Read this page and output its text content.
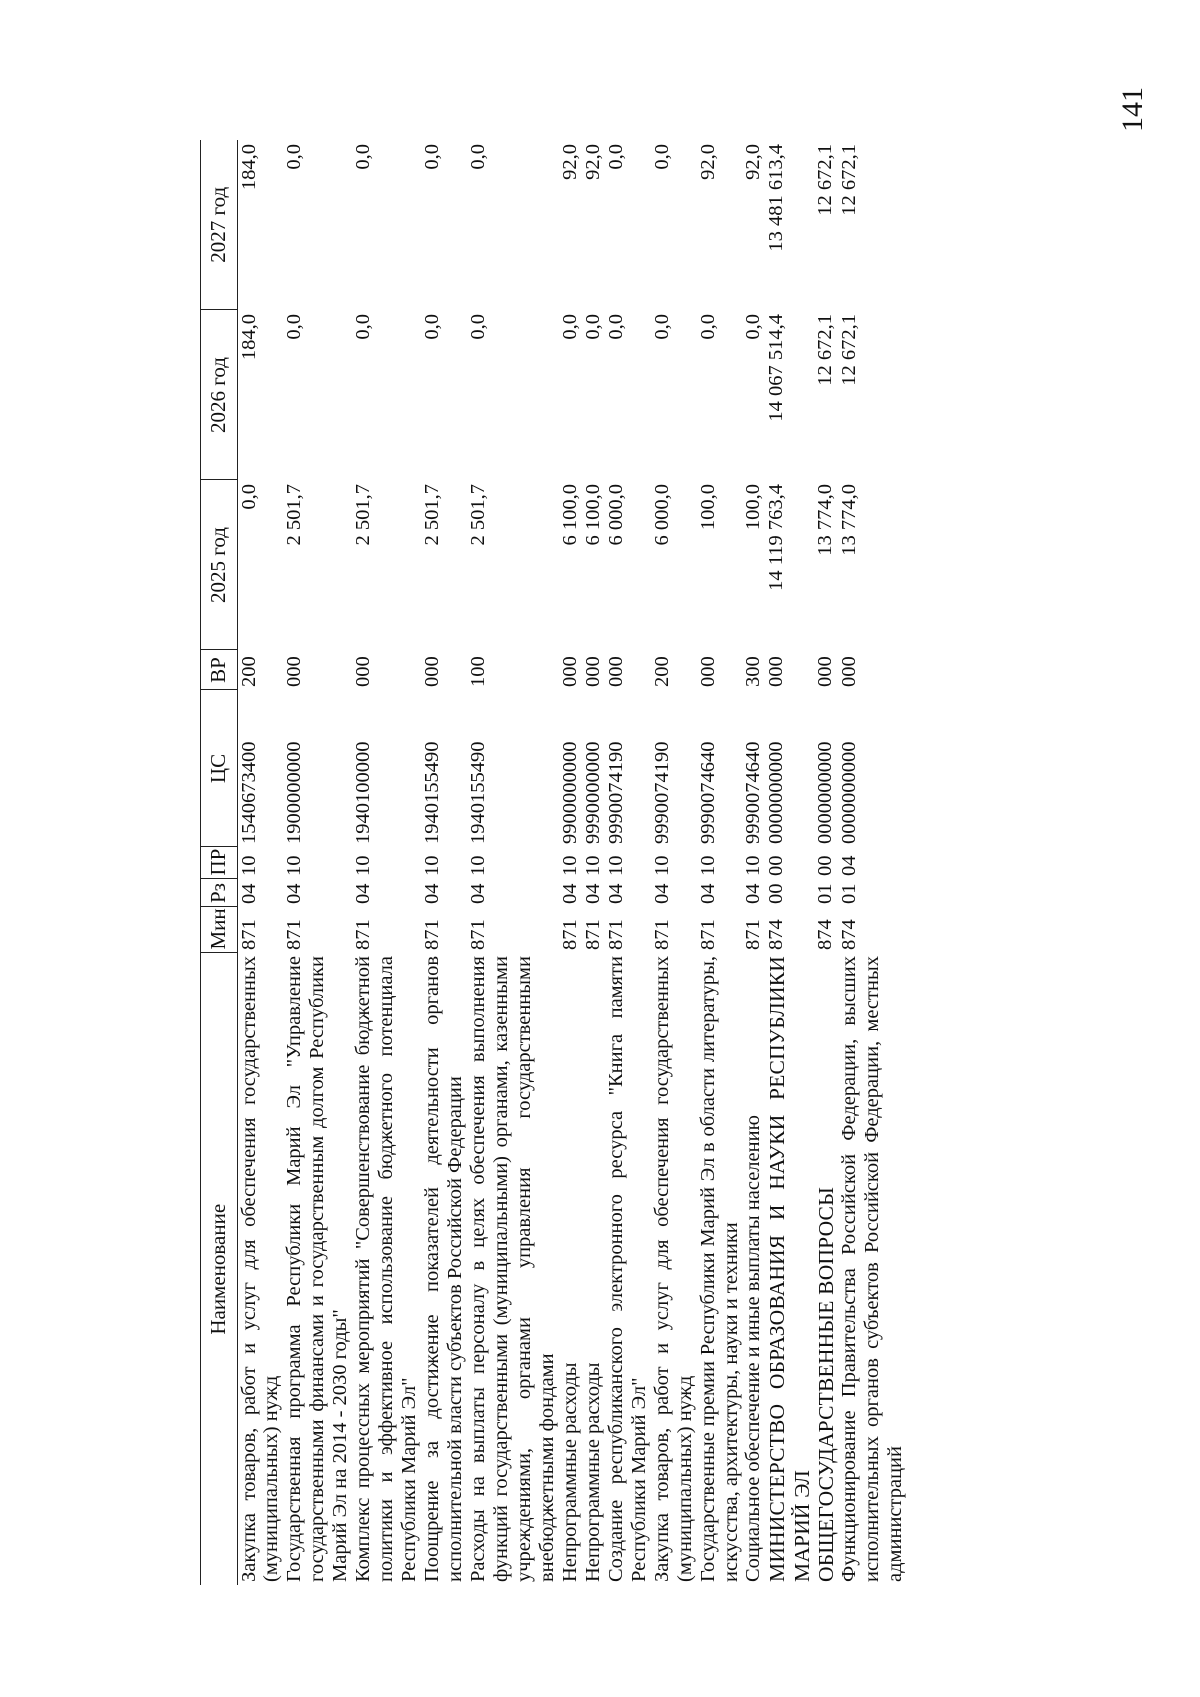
141
Наименование	Мин	Рз	ПР	ЦС	ВР	2025 год	2026 год	2027 год
Закупка товаров, работ и услуг для обеспечения государственных (муниципальных) нужд	871	04	10	1540673400	200	0,0	184,0	184,0
Государственная программа Республики Марий Эл "Управление государственными финансами и государственным долгом Республики Марий Эл на 2014 - 2030 годы"	871	04	10	1900000000	000	2 501,7	0,0	0,0
Комплекс процессных мероприятий "Совершенствование бюджетной политики и эффективное использование бюджетного потенциала Республики Марий Эл"	871	04	10	1940100000	000	2 501,7	0,0	0,0
Поощрение за достижение показателей деятельности органов исполнительной власти субъектов Российской Федерации	871	04	10	1940155490	000	2 501,7	0,0	0,0
Расходы на выплаты персоналу в целях обеспечения выполнения функций государственными (муниципальными) органами, казенными учреждениями, органами управления государственными внебюджетными фондами	871	04	10	1940155490	100	2 501,7	0,0	0,0
Непрограммные расходы	871	04	10	9900000000	000	6 100,0	0,0	92,0
Непрограммные расходы	871	04	10	9990000000	000	6 100,0	0,0	92,0
Создание республиканского электронного ресурса "Книга памяти Республики Марий Эл"	871	04	10	9990074190	000	6 000,0	0,0	0,0
Закупка товаров, работ и услуг для обеспечения государственных (муниципальных) нужд	871	04	10	9990074190	200	6 000,0	0,0	0,0
Государственные премии Республики Марий Эл в области литературы, искусства, архитектуры, науки и техники	871	04	10	9990074640	000	100,0	0,0	92,0
Социальное обеспечение и иные выплаты населению	871	04	10	9990074640	300	100,0	0,0	92,0
МИНИСТЕРСТВО ОБРАЗОВАНИЯ И НАУКИ РЕСПУБЛИКИ МАРИЙ ЭЛ	874	00	00	0000000000	000	14 119 763,4	14 067 514,4	13 481 613,4
ОБЩЕГОСУДАРСТВЕННЫЕ ВОПРОСЫ	874	01	00	0000000000	000	13 774,0	12 672,1	12 672,1
Функционирование Правительства Российской Федерации, высших исполнительных органов субъектов Российской Федерации, местных администраций	874	01	04	0000000000	000	13 774,0	12 672,1	12 672,1
